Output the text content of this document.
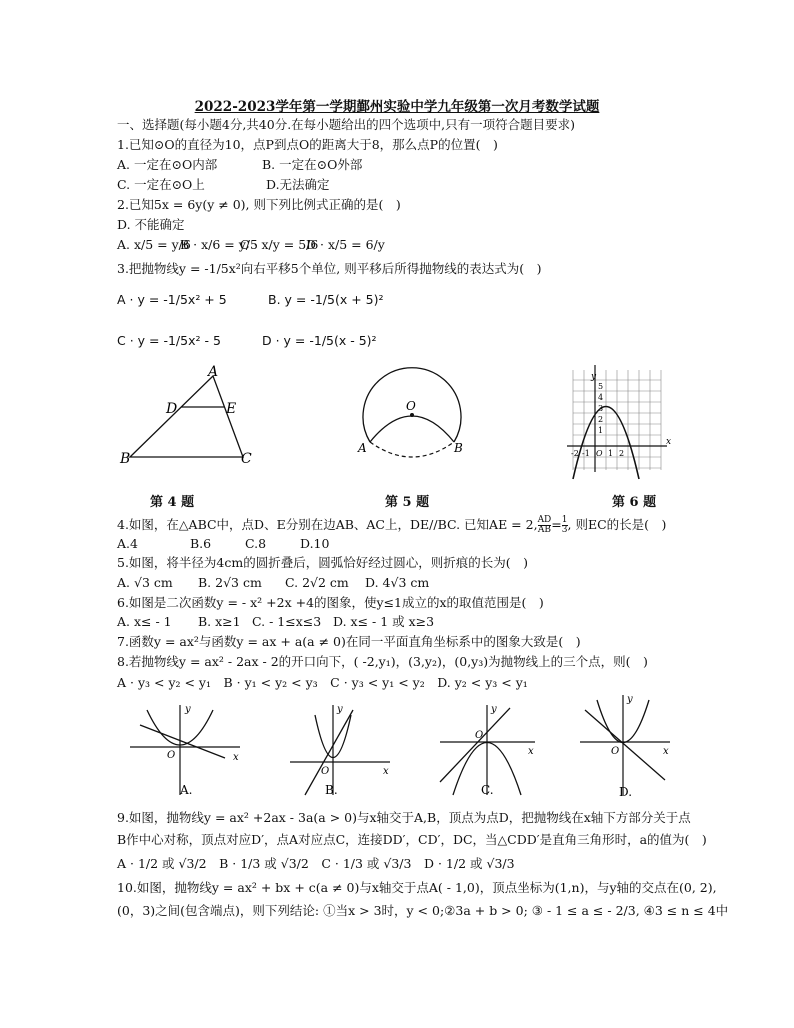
2022-2023学年第一学期鄞州实验中学九年级第一次月考数学试题
一、选择题(每小题4分,共40分.在每小题给出的四个选项中,只有一项符合题目要求)
1.已知⊙O的直径为10，点P到点O的距离大于8，那么点P的位置(　)
A. 一定在⊙O内部	B. 一定在⊙O外部
C. 一定在⊙O上	D.无法确定
2.已知5x = 6y(y ≠ 0), 则下列比例式正确的是(　)
D. 不能确定
A. x/5 = y/6
B · x/6 = y/5
C · x/y = 5/6
D · x/5 = 6/y
3.把抛物线y = -1/5x²向右平移5个单位, 则平移后所得抛物线的表达式为(　)
A · y = -1/5x² + 5	B. y = -1/5(x + 5)²
C · y = -1/5x² - 5	D · y = -1/5(x - 5)²
A
D	E
B	C
O
A	B
y
x
5
4
3
2
1
-2 -1 O 1 2
第 4 题	第 5 题	第 6 题
4.如图，在△ABC中，点D、E分别在边AB、AC上，DE//BC. 已知AE = 2, $\frac{AD}{AB} = \frac{1}{3}$ , 则EC的长是(　)
A.4	B.6	C.8	D.10
5.如图，将半径为4cm的圆折叠后，圆弧恰好经过圆心，则折痕的长为(　)
A. √3 cm B. 2√3 cm C. 2√2 cm D. 4√3 cm
6.如图是二次函数y = - x² +2x +4的图象，使y≤1成立的x的取值范围是(　)
A. x≤ - 1 B. x≥1 C. - 1≤x≤3 D. x≤ - 1 或 x≥3
7.函数y = ax²与函数y = ax + a(a ≠ 0)在同一平面直角坐标系中的图象大致是(　)
8.若抛物线y = ax² - 2ax - 2的开口向下，( -2,y₁)，(3,y₂)，(0,y₃)为抛物线上的三个点，则(　)
A · y₃ < y₂ < y₁　B · y₁ < y₂ < y₃　C · y₃ < y₁ < y₂　D. y₂ < y₃ < y₁
y
x
O
A.
y
x
O
B.
y
x
O
C.
y
x
O
D.
9.如图，抛物线y = ax² +2ax - 3a(a > 0)与x轴交于A,B，顶点为点D，把抛物线在x轴下方部分关于点
B作中心对称，顶点对应D′，点A对应点C，连接DD′，CD′，DC，当△CDD′是直角三角形时，a的值为(　)
A · 1/2 或 √3/2　B · 1/3 或 √3/2　C · 1/3 或 √3/3　D · 1/2 或 √3/3
10.如图，抛物线y = ax² + bx + c(a ≠ 0)与x轴交于点A( - 1,0)，顶点坐标为(1,n)，与y轴的交点在(0, 2),
(0，3)之间(包含端点)，则下列结论: ①当x > 3时，y < 0;②3a + b > 0; ③ - 1 ≤ a ≤ - 2/3, ④3 ≤ n ≤ 4中
